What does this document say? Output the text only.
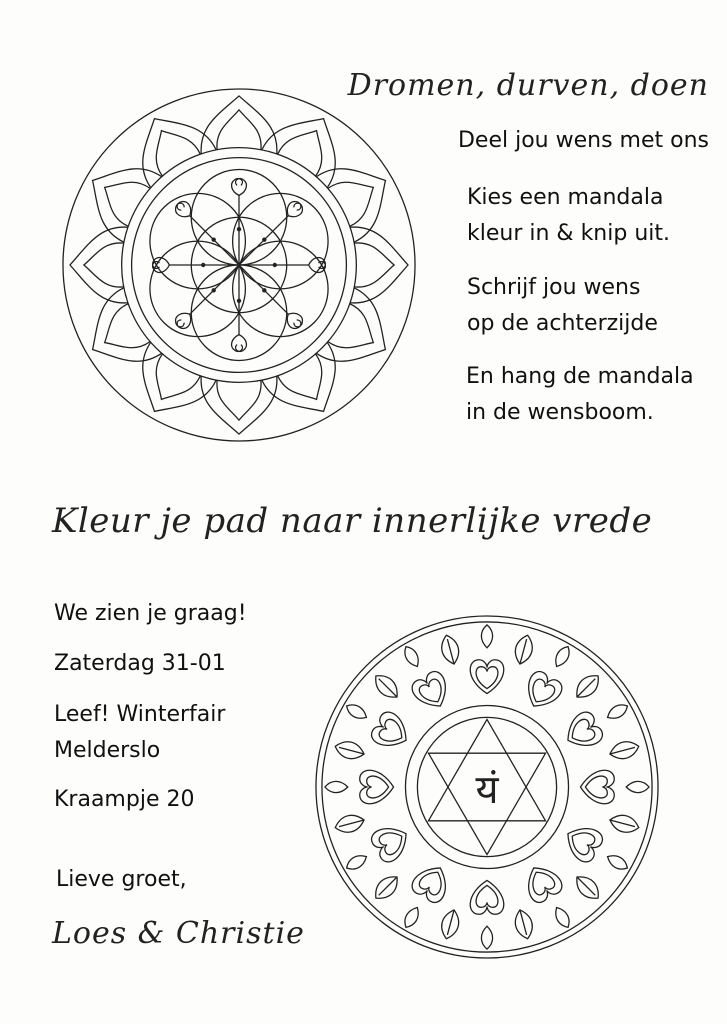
यं
Dromen, durven, doen
Deel jou wens met ons
Kies een mandala
kleur in & knip uit.
Schrijf jou wens
op de achterzijde
En hang de mandala
in de wensboom.
Kleur je pad naar innerlijke vrede
We zien je graag!
Zaterdag 31-01
Leef! Winterfair
Melderslo
Kraampje 20
Lieve groet,
Loes & Christie
